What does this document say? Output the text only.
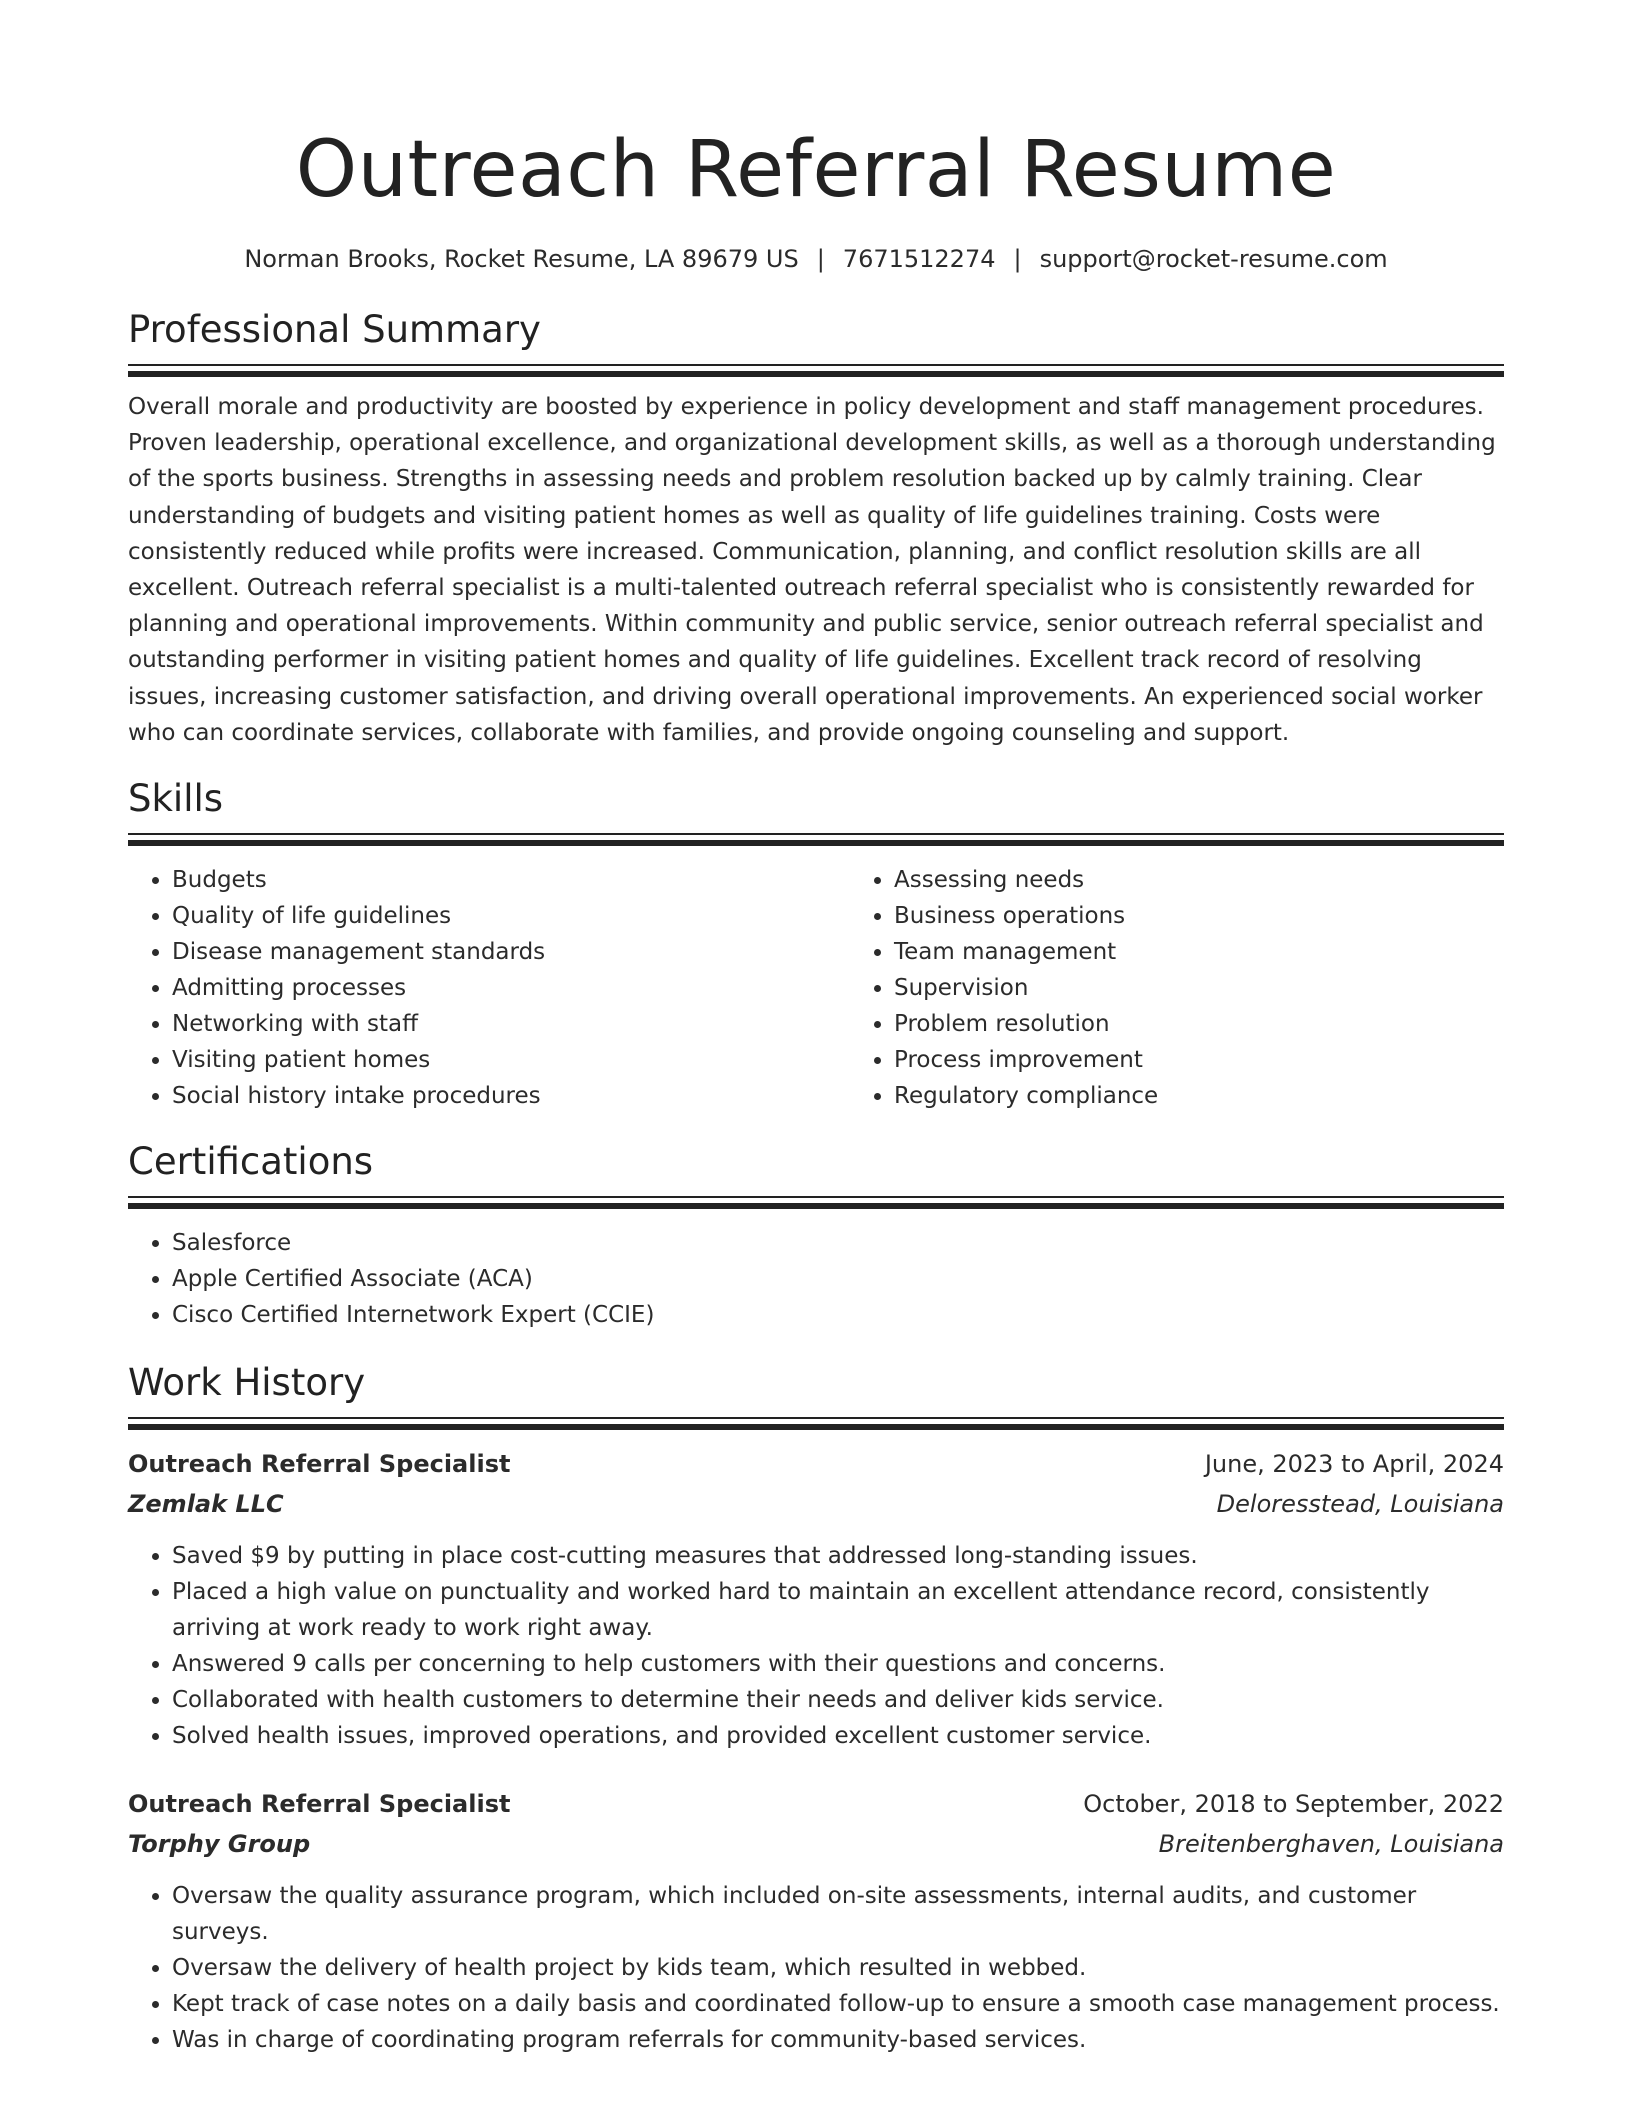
Outreach Referral Resume
Norman Brooks, Rocket Resume, LA 89679 US | 7671512274 | support@rocket-resume.com
Professional Summary

Overall morale and productivity are boosted by experience in policy development and staff management procedures. Proven leadership, operational excellence, and organizational development skills, as well as a thorough understanding of the sports business. Strengths in assessing needs and problem resolution backed up by calmly training. Clear understanding of budgets and visiting patient homes as well as quality of life guidelines training. Costs were consistently reduced while profits were increased. Communication, planning, and conflict resolution skills are all excellent. Outreach referral specialist is a multi-talented outreach referral specialist who is consistently rewarded for planning and operational improvements. Within community and public service, senior outreach referral specialist and outstanding performer in visiting patient homes and quality of life guidelines. Excellent track record of resolving issues, increasing customer satisfaction, and driving overall operational improvements. An experienced social worker who can coordinate services, collaborate with families, and provide ongoing counseling and support.

Skills
• Budgets
• Quality of life guidelines
• Disease management standards
• Admitting processes
• Networking with staff
• Visiting patient homes
• Social history intake procedures
• Assessing needs
• Business operations
• Team management
• Supervision
• Problem resolution
• Process improvement
• Regulatory compliance
Certifications
• Salesforce
• Apple Certified Associate (ACA)
• Cisco Certified Internetwork Expert (CCIE)
Work History
Outreach Referral Specialist	June, 2023 to April, 2024
Zemlak LLC	Deloresstead, Louisiana
• Saved $9 by putting in place cost-cutting measures that addressed long-standing issues.
• Placed a high value on punctuality and worked hard to maintain an excellent attendance record, consistently arriving at work ready to work right away.
• Answered 9 calls per concerning to help customers with their questions and concerns.
• Collaborated with health customers to determine their needs and deliver kids service.
• Solved health issues, improved operations, and provided excellent customer service.
Outreach Referral Specialist	October, 2018 to September, 2022
Torphy Group	Breitenberghaven, Louisiana
• Oversaw the quality assurance program, which included on-site assessments, internal audits, and customer surveys.
• Oversaw the delivery of health project by kids team, which resulted in webbed.
• Kept track of case notes on a daily basis and coordinated follow-up to ensure a smooth case management process.
• Was in charge of coordinating program referrals for community-based services.
